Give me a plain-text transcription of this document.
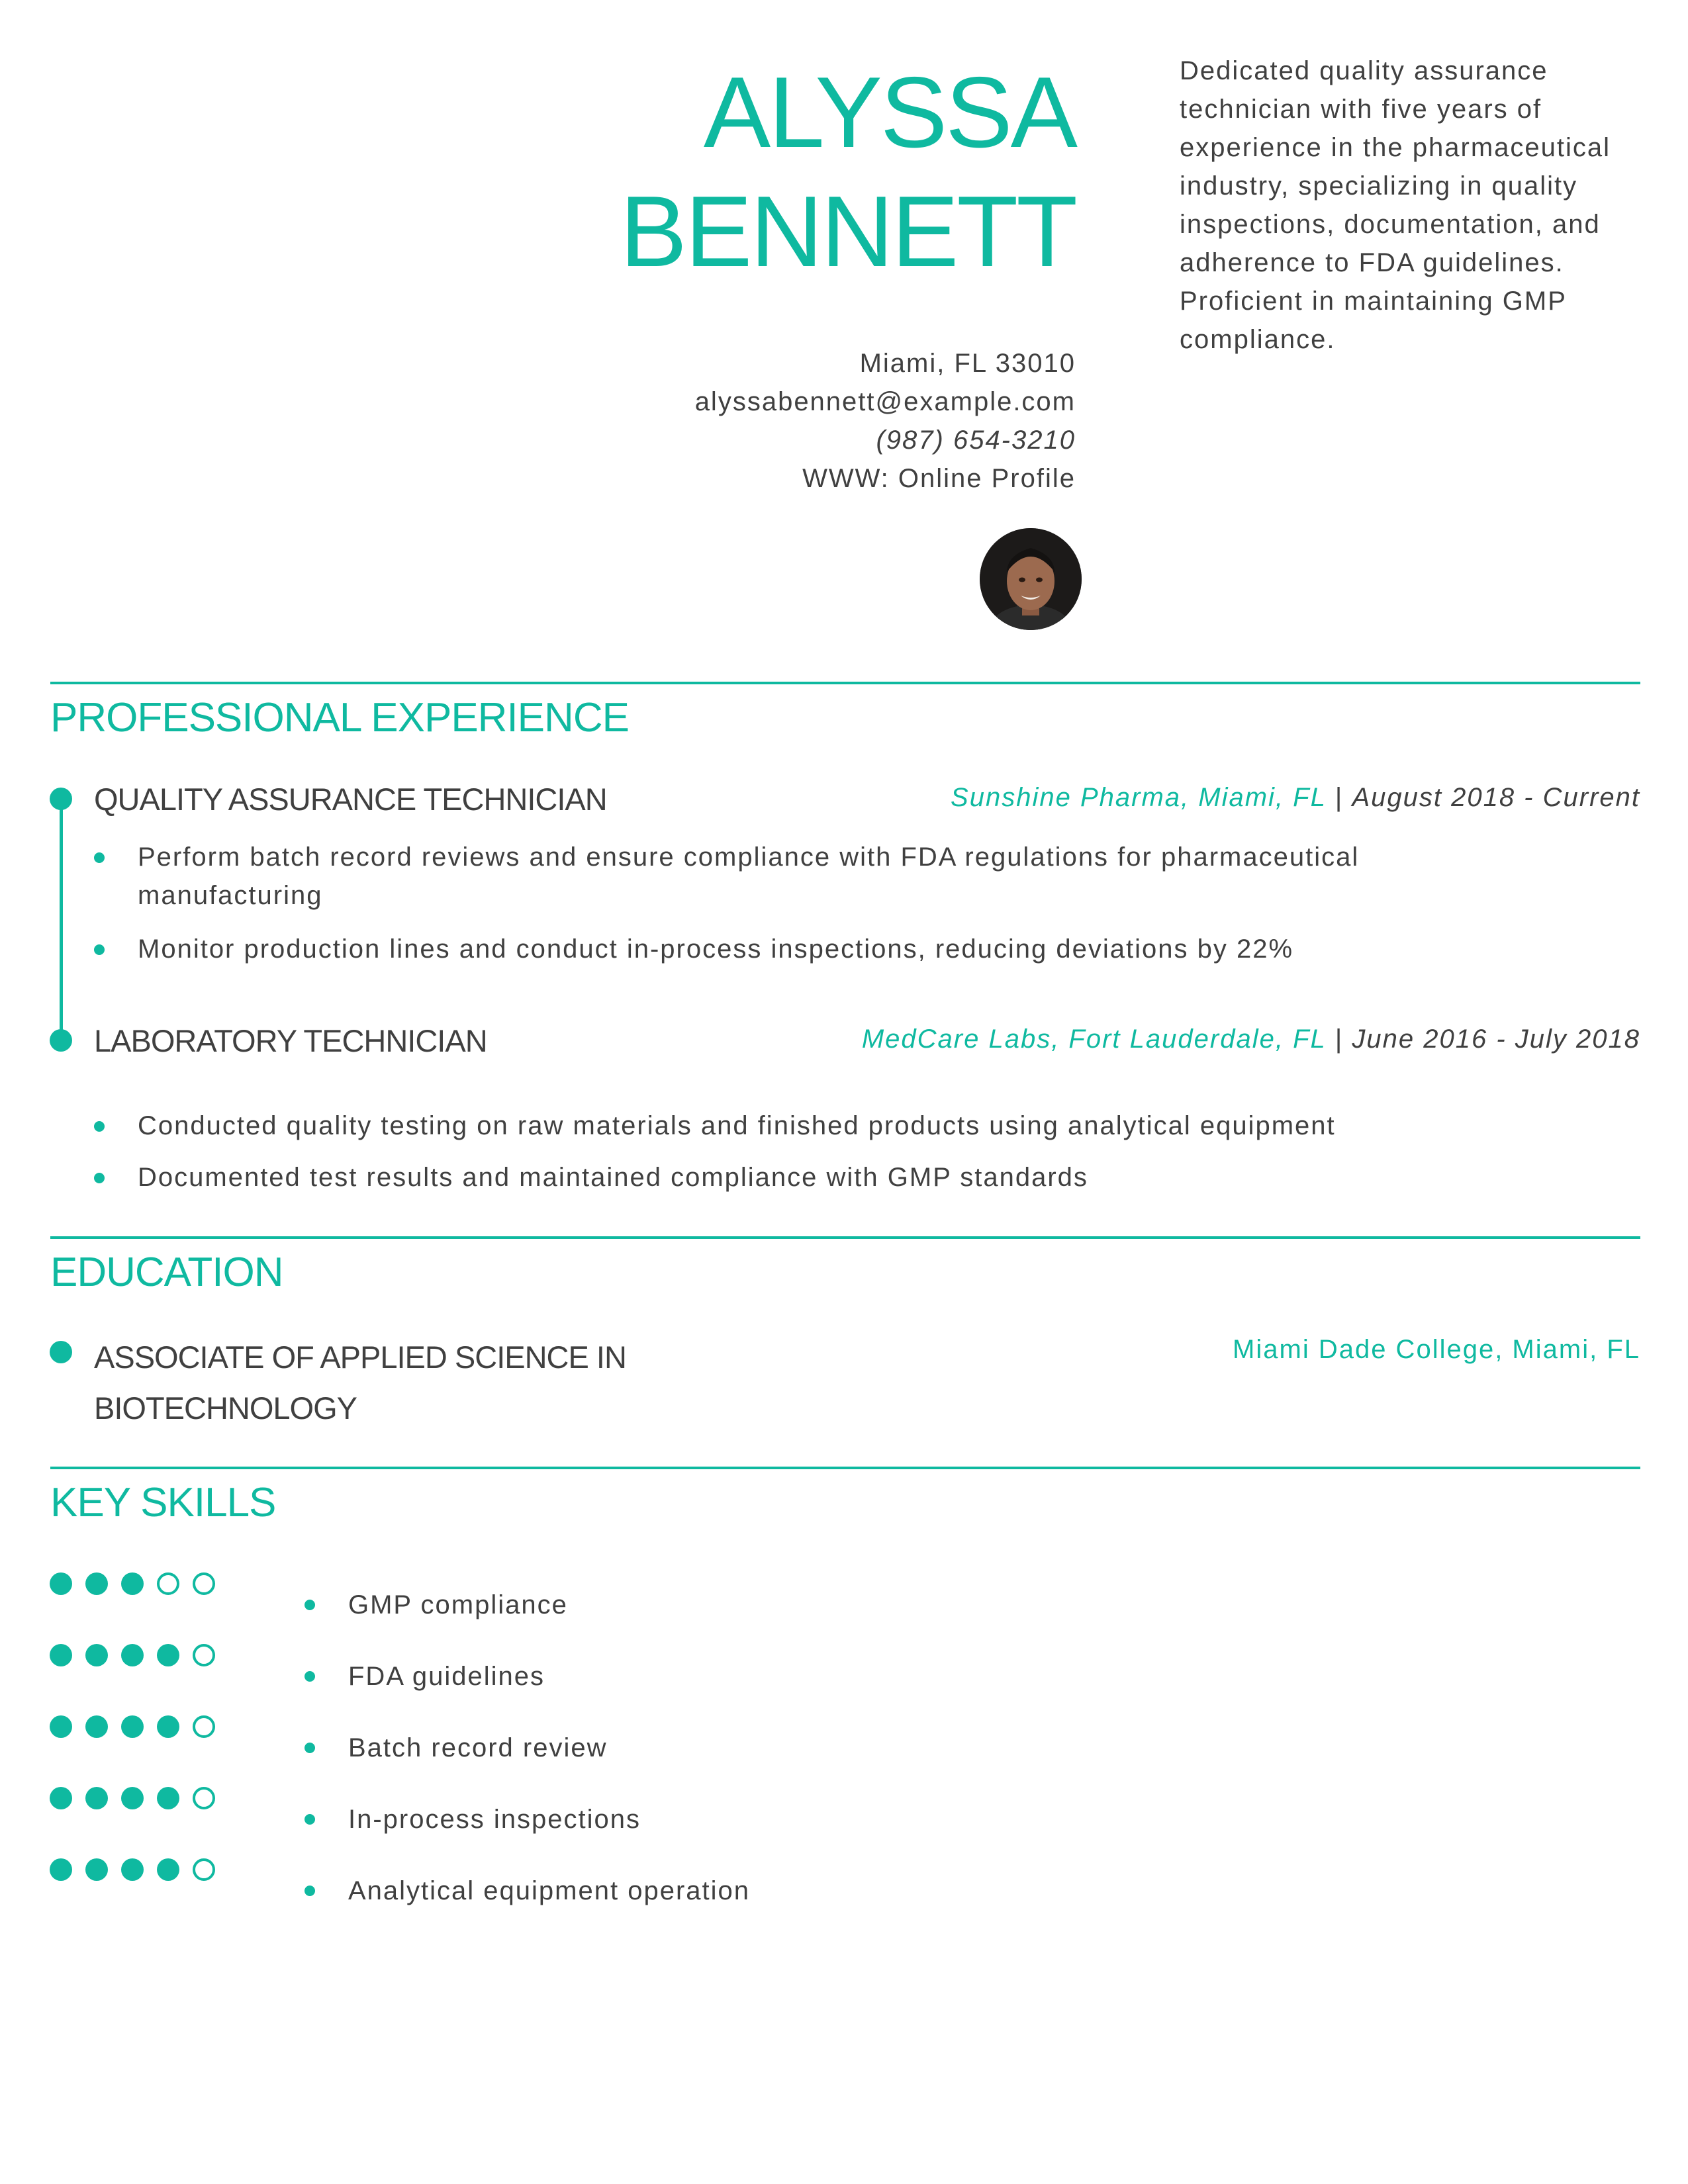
ALYSSA
BENNETT
Miami, FL 33010
alyssabennett@example.com
(987) 654-3210
WWW: Online Profile
Dedicated quality assurance technician with five years of experience in the pharmaceutical industry, specializing in quality inspections, documentation, and adherence to FDA guidelines. Proficient in maintaining GMP compliance.
PROFESSIONAL EXPERIENCE
QUALITY ASSURANCE TECHNICIAN	Sunshine Pharma, Miami, FL | August 2018 - Current
Perform batch record reviews and ensure compliance with FDA regulations for pharmaceutical manufacturing
Monitor production lines and conduct in-process inspections, reducing deviations by 22%
LABORATORY TECHNICIAN	MedCare Labs, Fort Lauderdale, FL | June 2016 - July 2018
Conducted quality testing on raw materials and finished products using analytical equipment
Documented test results and maintained compliance with GMP standards
EDUCATION
ASSOCIATE OF APPLIED SCIENCE IN BIOTECHNOLOGY
Miami Dade College, Miami, FL
KEY SKILLS
GMP compliance
FDA guidelines
Batch record review
In-process inspections
Analytical equipment operation
